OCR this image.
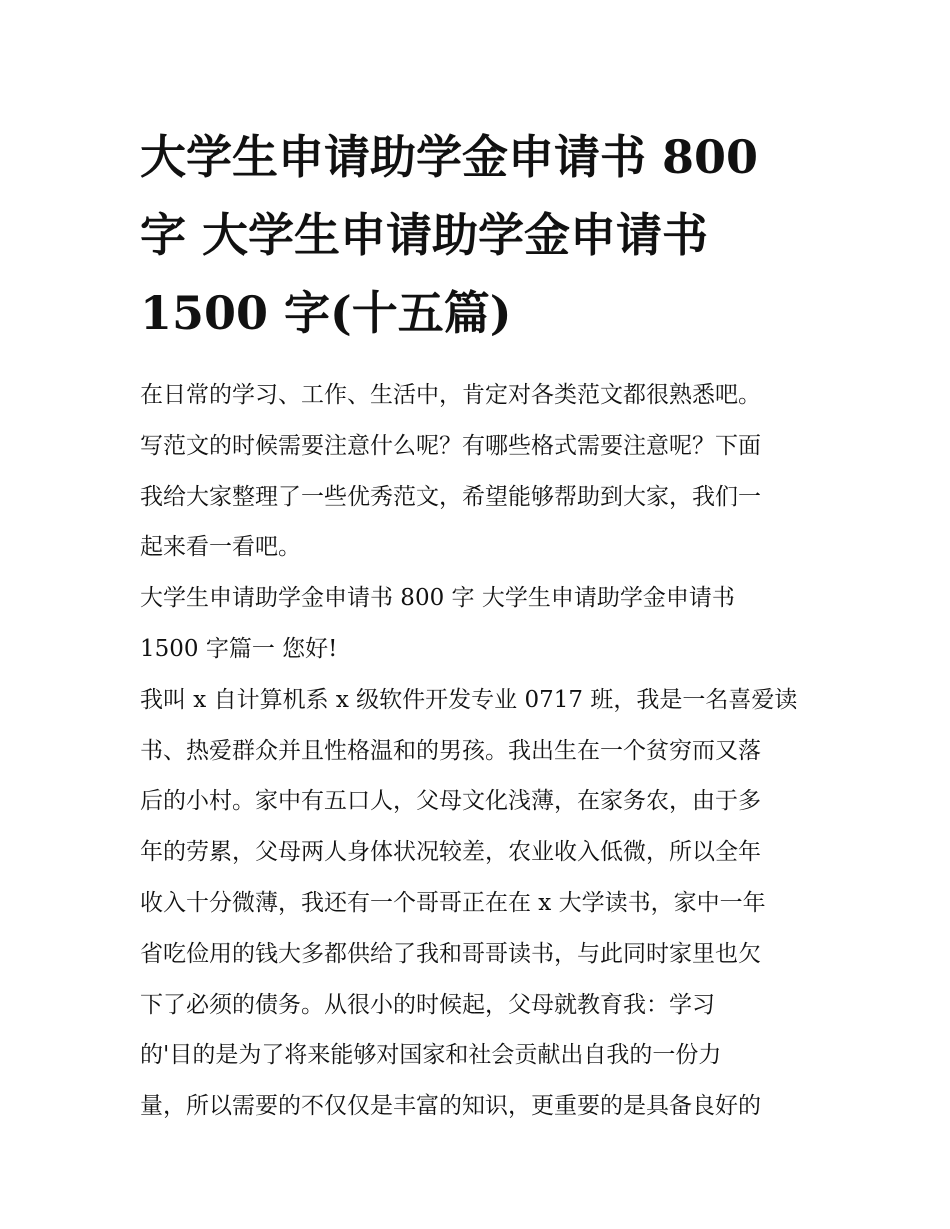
大学生申请助学金申请书 800
字 大学生申请助学金申请书
1500 字(十五篇)
在日常的学习、工作、生活中，肯定对各类范文都很熟悉吧。
写范文的时候需要注意什么呢？有哪些格式需要注意呢？下面
我给大家整理了一些优秀范文，希望能够帮助到大家，我们一
起来看一看吧。
大学生申请助学金申请书 800 字 大学生申请助学金申请书
1500 字篇一 您好!
我叫 x 自计算机系 x 级软件开发专业 0717 班，我是一名喜爱读
书、热爱群众并且性格温和的男孩。我出生在一个贫穷而又落
后的小村。家中有五口人，父母文化浅薄，在家务农，由于多
年的劳累，父母两人身体状况较差，农业收入低微，所以全年
收入十分微薄，我还有一个哥哥正在在 x 大学读书，家中一年
省吃俭用的钱大多都供给了我和哥哥读书，与此同时家里也欠
下了必须的债务。从很小的时候起，父母就教育我：学习
的'目的是为了将来能够对国家和社会贡献出自我的一份力
量，所以需要的不仅仅是丰富的知识，更重要的是具备良好的
